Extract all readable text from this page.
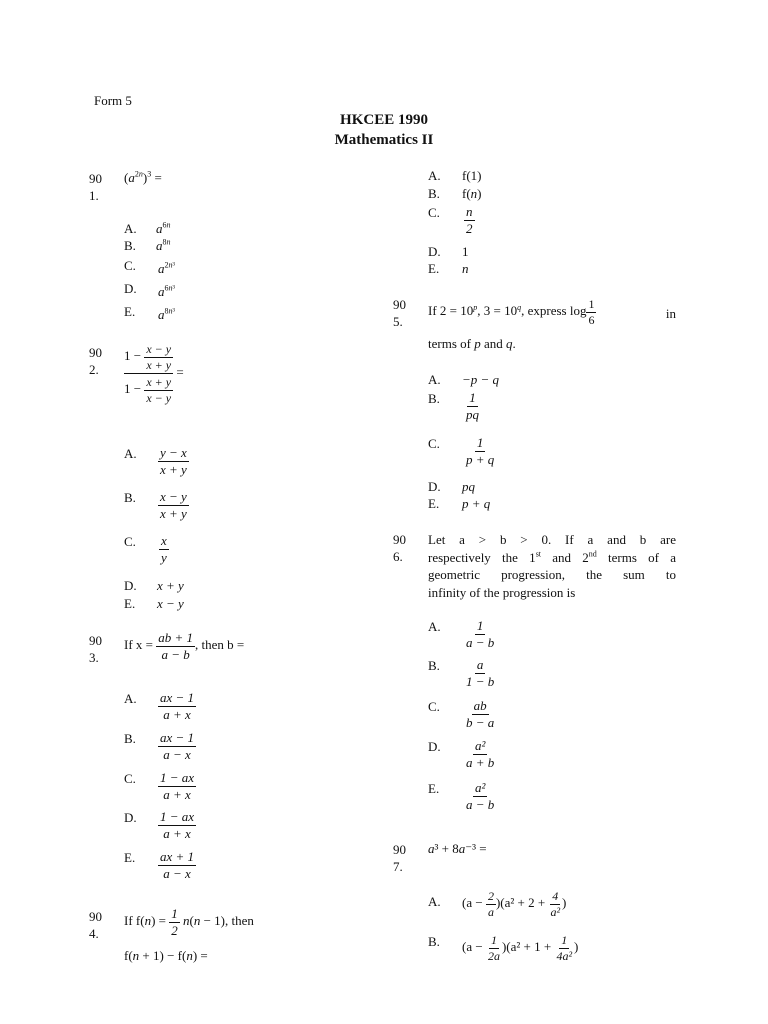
Form 5
HKCEE 1990
Mathematics II
90
1.
$(a^{2n})^3$ =
A. $a^{6n}$
B. $a^{8n}$
C. $a^{2n^3}$
D. $a^{6n^3}$
E. $a^{8n^3}$
90
2. $\frac{1 - \frac{x - y}{x + y}}{1 - \frac{x + y}{x - y}}$ =
A. $\frac{y - x}{x + y}$
B. $\frac{x - y}{x + y}$
C. $\frac{x}{y}$
D. x + y
E. x − y
90
3.
If $x = \frac{ab + 1}{a - b}$ , then b =
A. $\frac{ax - 1}{a + x}$
B. $\frac{ax - 1}{a - x}$
C. $\frac{1 - ax}{a + x}$
D. $\frac{1 - ax}{a + x}$
E. $\frac{ax + 1}{a - x}$
90
4.
If $f(n) = \frac{1}{2} n(n - 1)$, then
f(n + 1) − f(n) =
A. f(1)
B. f(n)
C. $\frac{n}{2}$
D. 1
E. n
90
5.
If $2 = 10^p$, $3 = 10^q$, express $\log \frac{1}{6}$	in
terms of p and q.
A. −p − q
B. $\frac{1}{pq}$
C. $\frac{1}{p + q}$
D. pq
E. p + q
90
6.
Let a > b > 0. If a and b are
respectively the 1st and 2nd terms of a
geometric progression, the sum to
infinity of the progression is
A. $\frac{1}{a - b}$
B. $\frac{a}{1 - b}$
C. $\frac{ab}{b - a}$
D. $\frac{\text{a²}}{a + b}$
E. $\frac{\text{a²}}{a - b}$
90
7.
a³ + 8a⁻³ =
A. $(a - \frac{2}{a} )(a^2 + 2 + \frac{4}{\text{a²}}$ )
B. $(a - \frac{1}{2a} )(a^2 + 1 + \frac{1}{\text{4a²}}$ )
